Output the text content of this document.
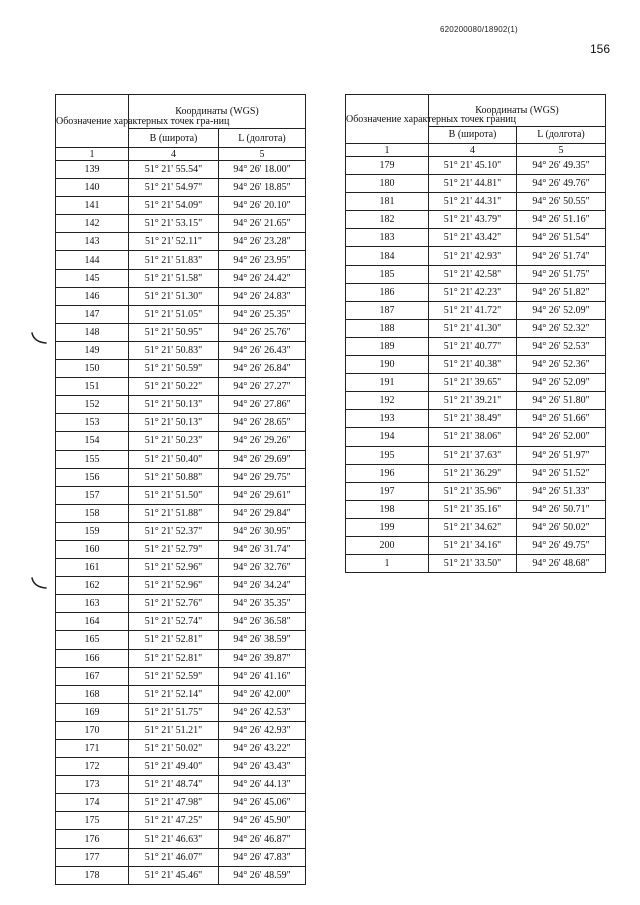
620200080/18902(1)
156
Обозначение характерных точек гра-ниц	Координаты (WGS)	
	B (широта)	L (долгота)
1	4	5
139	51° 21' 55.54"	94° 26' 18.00"
140	51° 21' 54.97"	94° 26' 18.85"
141	51° 21' 54.09"	94° 26' 20.10"
142	51° 21' 53.15"	94° 26' 21.65"
143	51° 21' 52.11"	94° 26' 23.28"
144	51° 21' 51.83"	94° 26' 23.95"
145	51° 21' 51.58"	94° 26' 24.42"
146	51° 21' 51.30"	94° 26' 24.83"
147	51° 21' 51.05"	94° 26' 25.35"
148	51° 21' 50.95"	94° 26' 25.76"
149	51° 21' 50.83"	94° 26' 26.43"
150	51° 21' 50.59"	94° 26' 26.84"
151	51° 21' 50.22"	94° 26' 27.27"
152	51° 21' 50.13"	94° 26' 27.86"
153	51° 21' 50.13"	94° 26' 28.65"
154	51° 21' 50.23"	94° 26' 29.26"
155	51° 21' 50.40"	94° 26' 29.69"
156	51° 21' 50.88"	94° 26' 29.75"
157	51° 21' 51.50"	94° 26' 29.61"
158	51° 21' 51.88"	94° 26' 29.84"
159	51° 21' 52.37"	94° 26' 30.95"
160	51° 21' 52.79"	94° 26' 31.74"
161	51° 21' 52.96"	94° 26' 32.76"
162	51° 21' 52.96"	94° 26' 34.24"
163	51° 21' 52.76"	94° 26' 35.35"
164	51° 21' 52.74"	94° 26' 36.58"
165	51° 21' 52.81"	94° 26' 38.59"
166	51° 21' 52.81"	94° 26' 39.87"
167	51° 21' 52.59"	94° 26' 41.16"
168	51° 21' 52.14"	94° 26' 42.00"
169	51° 21' 51.75"	94° 26' 42.53"
170	51° 21' 51.21"	94° 26' 42.93"
171	51° 21' 50.02"	94° 26' 43.22"
172	51° 21' 49.40"	94° 26' 43.43"
173	51° 21' 48.74"	94° 26' 44.13"
174	51° 21' 47.98"	94° 26' 45.06"
175	51° 21' 47.25"	94° 26' 45.90"
176	51° 21' 46.63"	94° 26' 46.87"
177	51° 21' 46.07"	94° 26' 47.83"
178	51° 21' 45.46"	94° 26' 48.59"
Обозначение характерных точек границ	Координаты (WGS)	
	B (широта)	L (долгота)
1	4	5
179	51° 21' 45.10"	94° 26' 49.35"
180	51° 21' 44.81"	94° 26' 49.76"
181	51° 21' 44.31"	94° 26' 50.55"
182	51° 21' 43.79"	94° 26' 51.16"
183	51° 21' 43.42"	94° 26' 51.54"
184	51° 21' 42.93"	94° 26' 51.74"
185	51° 21' 42.58"	94° 26' 51.75"
186	51° 21' 42.23"	94° 26' 51.82"
187	51° 21' 41.72"	94° 26' 52.09"
188	51° 21' 41.30"	94° 26' 52.32"
189	51° 21' 40.77"	94° 26' 52.53"
190	51° 21' 40.38"	94° 26' 52.36"
191	51° 21' 39.65"	94° 26' 52.09"
192	51° 21' 39.21"	94° 26' 51.80"
193	51° 21' 38.49"	94° 26' 51.66"
194	51° 21' 38.06"	94° 26' 52.00"
195	51° 21' 37.63"	94° 26' 51.97"
196	51° 21' 36.29"	94° 26' 51.52"
197	51° 21' 35.96"	94° 26' 51.33"
198	51° 21' 35.16"	94° 26' 50.71"
199	51° 21' 34.62"	94° 26' 50.02"
200	51° 21' 34.16"	94° 26' 49.75"
1	51° 21' 33.50"	94° 26' 48.68"
